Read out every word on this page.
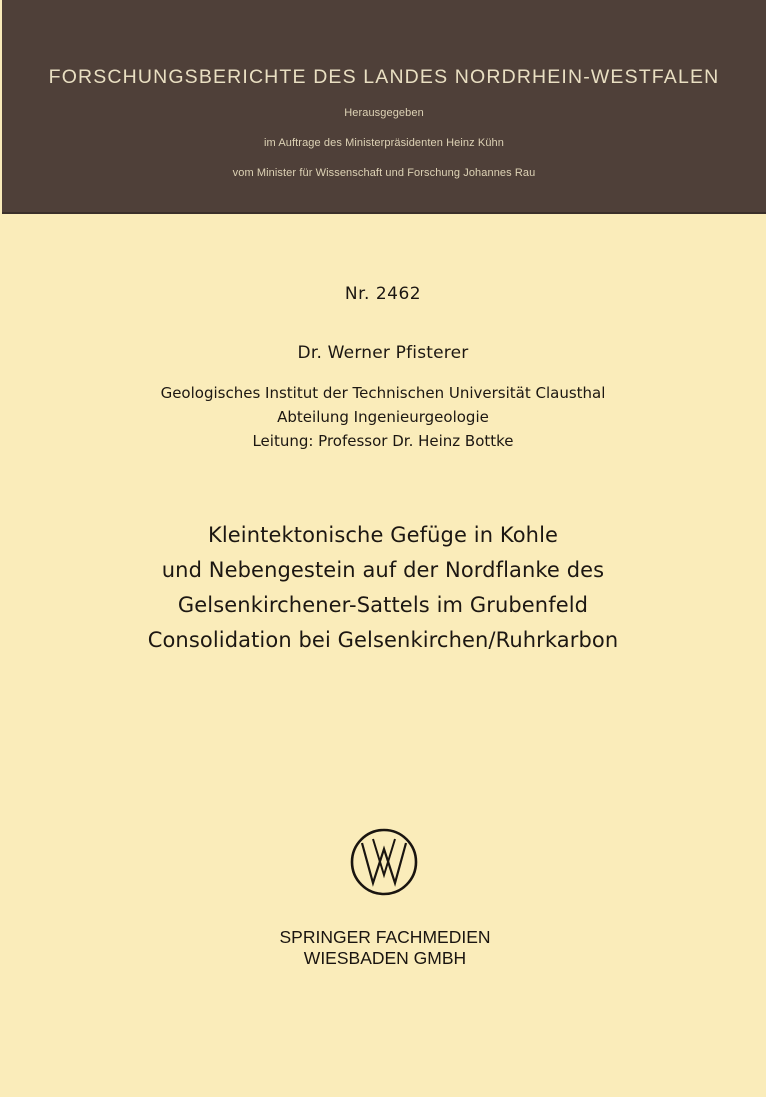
FORSCHUNGSBERICHTE DES LANDES NORDRHEIN-WESTFALEN
Herausgegeben
im Auftrage des Ministerpräsidenten Heinz Kühn
vom Minister für Wissenschaft und Forschung Johannes Rau
Nr. 2462
Dr. Werner Pfisterer
Geologisches Institut der Technischen Universität Clausthal
Abteilung Ingenieurgeologie
Leitung: Professor Dr. Heinz Bottke
Kleintektonische Gefüge in Kohle
und Nebengestein auf der Nordflanke des
Gelsenkirchener-Sattels im Grubenfeld
Consolidation bei Gelsenkirchen/Ruhrkarbon
SPRINGER FACHMEDIEN
WIESBADEN GMBH
